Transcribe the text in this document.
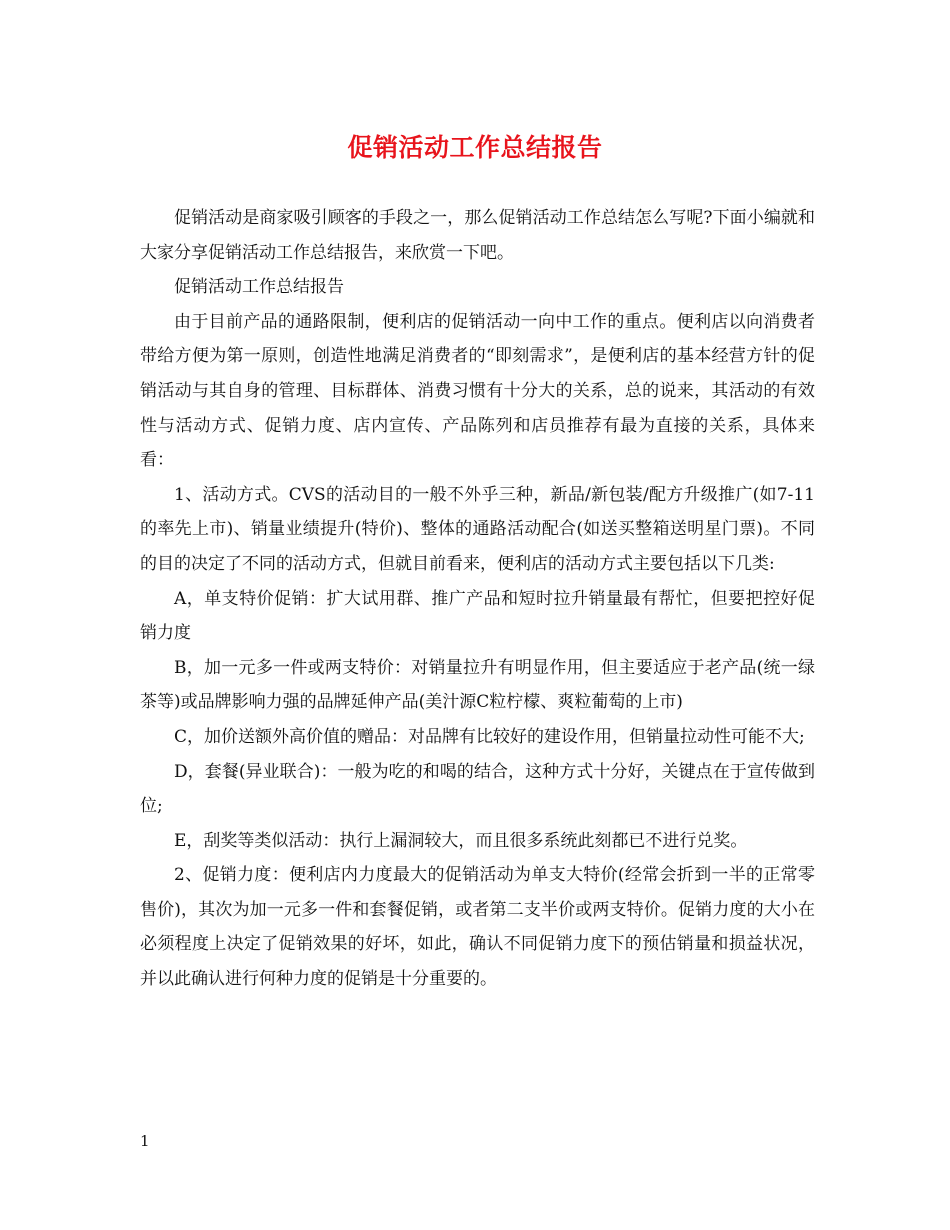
促销活动工作总结报告

促销活动是商家吸引顾客的手段之一，那么促销活动工作总结怎么写呢?下面小编就和大家分享促销活动工作总结报告，来欣赏一下吧。

促销活动工作总结报告

由于目前产品的通路限制，便利店的促销活动一向中工作的重点。便利店以向消费者带给方便为第一原则，创造性地满足消费者的“即刻需求”，是便利店的基本经营方针的促销活动与其自身的管理、目标群体、消费习惯有十分大的关系，总的说来，其活动的有效性与活动方式、促销力度、店内宣传、产品陈列和店员推荐有最为直接的关系，具体来看：

1、活动方式。CVS的活动目的一般不外乎三种，新品/新包装/配方升级推广(如7-11的率先上市)、销量业绩提升(特价)、整体的通路活动配合(如送买整箱送明星门票)。不同的目的决定了不同的活动方式，但就目前看来，便利店的活动方式主要包括以下几类:

A，单支特价促销：扩大试用群、推广产品和短时拉升销量最有帮忙，但要把控好促销力度

B，加一元多一件或两支特价：对销量拉升有明显作用，但主要适应于老产品(统一绿茶等)或品牌影响力强的品牌延伸产品(美汁源C粒柠檬、爽粒葡萄的上市)

C，加价送额外高价值的赠品：对品牌有比较好的建设作用，但销量拉动性可能不大;

D，套餐(异业联合)：一般为吃的和喝的结合，这种方式十分好，关键点在于宣传做到位;

E，刮奖等类似活动：执行上漏洞较大，而且很多系统此刻都已不进行兑奖。

2、促销力度：便利店内力度最大的促销活动为单支大特价(经常会折到一半的正常零售价)，其次为加一元多一件和套餐促销，或者第二支半价或两支特价。促销力度的大小在必须程度上决定了促销效果的好坏，如此，确认不同促销力度下的预估销量和损益状况，并以此确认进行何种力度的促销是十分重要的。

1
